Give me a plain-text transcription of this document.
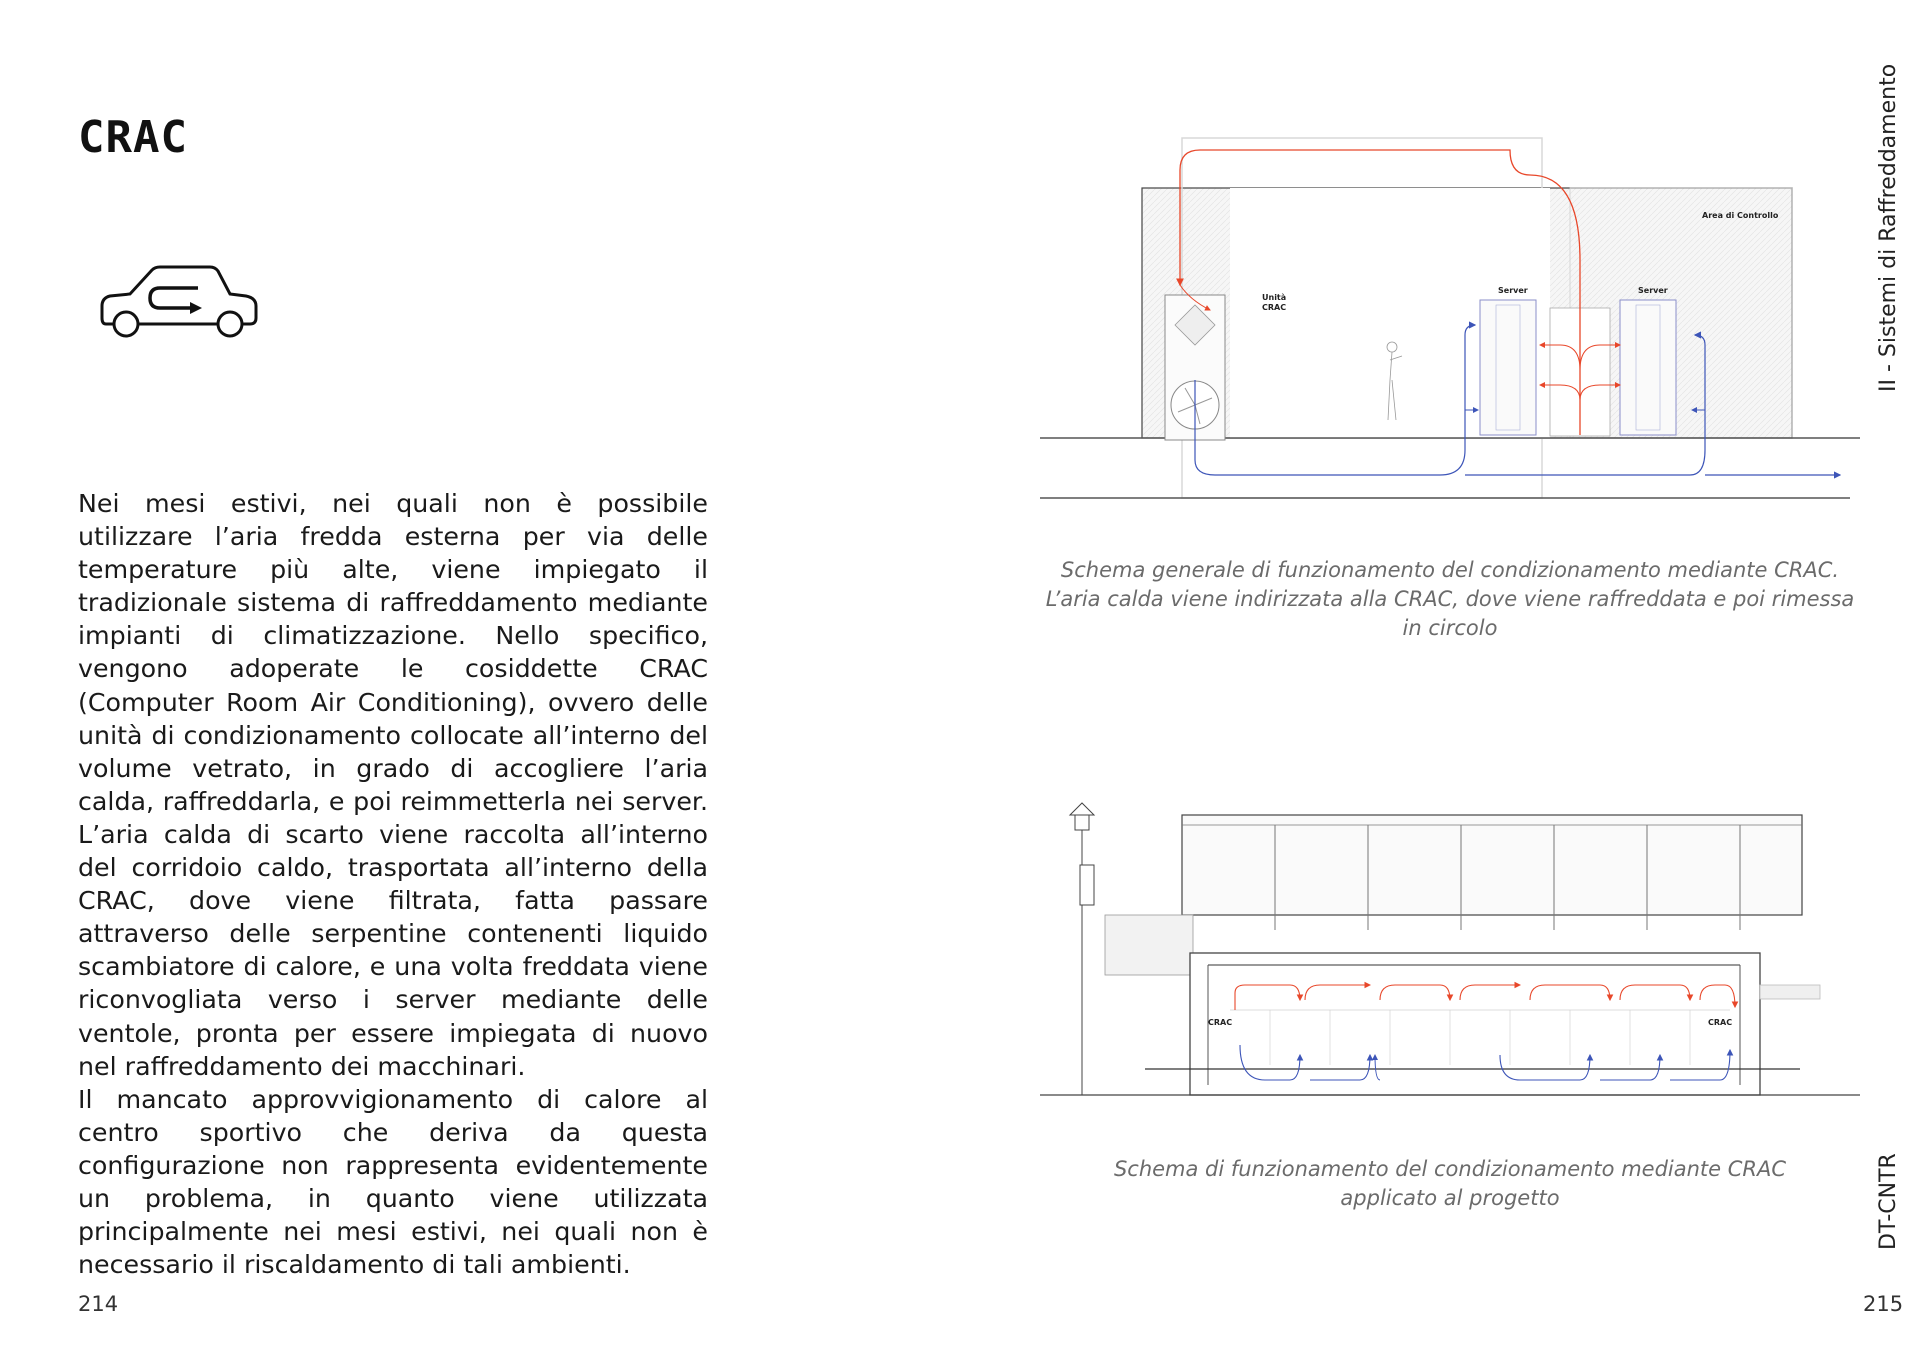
CRAC

Nei mesi estivi, nei quali non è possibile utilizzare l’aria fredda esterna per via delle temperature più alte, viene impiegato il tradizionale sistema di raffreddamento mediante impianti di climatizzazione. Nello specifico, vengono adoperate le cosiddette CRAC (Computer Room Air Conditioning), ovvero delle unità di condizionamento collocate all’interno del volume vetrato, in grado di accogliere l’aria calda, raffreddarla, e poi reimmetterla nei server. L’aria calda di scarto viene raccolta all’interno del corridoio caldo, trasportata all’interno della CRAC, dove viene filtrata, fatta passare attraverso delle serpentine contenenti liquido scambiatore di calore, e una volta freddata viene riconvogliata verso i server mediante delle ventole, pronta per essere impiegata di nuovo nel raffreddamento dei macchinari.

Il mancato approvvigionamento di calore al centro sportivo che deriva da questa configurazione non rappresenta evidentemente un problema, in quanto viene utilizzata principalmente nei mesi estivi, nei quali non è necessario il riscaldamento di tali ambienti.

214	215
II - Sistemi di Raffreddamento
DT-CNTR
Area di Controllo
Unità
CRAC
Server	Server
Schema generale di funzionamento del condizionamento mediante CRAC.
L’aria calda viene indirizzata alla CRAC, dove viene raffreddata e poi rimessa in circolo
CRAC	CRAC
Schema di funzionamento del condizionamento mediante CRAC
applicato al progetto
